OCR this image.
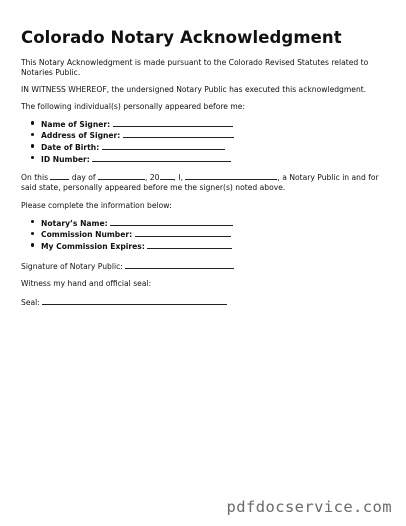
Colorado Notary Acknowledgment

This Notary Acknowledgment is made pursuant to the Colorado Revised Statutes related to Notaries Public.

IN WITNESS WHEREOF, the undersigned Notary Public has executed this acknowledgment.

The following individual(s) personally appeared before me:

Name of Signer:
Address of Signer:
Date of Birth:
ID Number:

On this	day of	, 20 , I,	, a Notary Public in and for said state, personally appeared before me the signer(s) noted above.

Please complete the information below:

Notary’s Name:
Commission Number:
My Commission Expires:

Signature of Notary Public:

Witness my hand and official seal:

Seal:

pdfdocservice.com
